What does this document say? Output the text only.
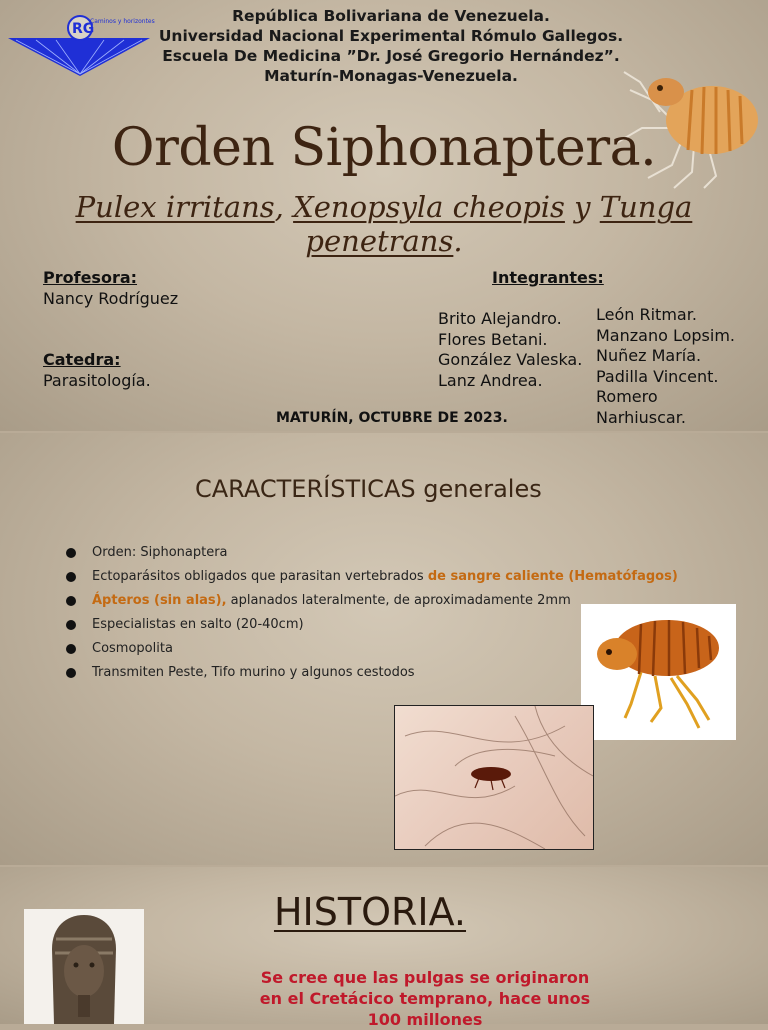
RG
Caminos y horizontes	República Bolivariana de Venezuela.
Universidad Nacional Experimental Rómulo Gallegos.
Escuela De Medicina ”Dr. José Gregorio Hernández”.
Maturín-Monagas-Venezuela.
Orden Siphonaptera.
Pulex irritans, Xenopsyla cheopis y Tunga penetrans.
Profesora:
Nancy Rodríguez
Catedra:
Parasitología.
Integrantes:
Brito Alejandro.
Flores Betani.
González Valeska.
Lanz Andrea.
León Ritmar.
Manzano Lopsim.
Nuñez María.
Padilla Vincent.
Romero
Narhiuscar.
MATURÍN, OCTUBRE DE 2023.
CARACTERÍSTICAS generales
Orden: Siphonaptera
Ectoparásitos obligados que parasitan vertebrados de sangre caliente (Hematófagos)
Ápteros (sin alas), aplanados lateralmente, de aproximadamente 2mm
Especialistas en salto (20-40cm)
Cosmopolita
Transmiten Peste, Tifo murino y algunos cestodos
HISTORIA.
Se cree que las pulgas se originaron en el Cretácico temprano, hace unos 100 millones
